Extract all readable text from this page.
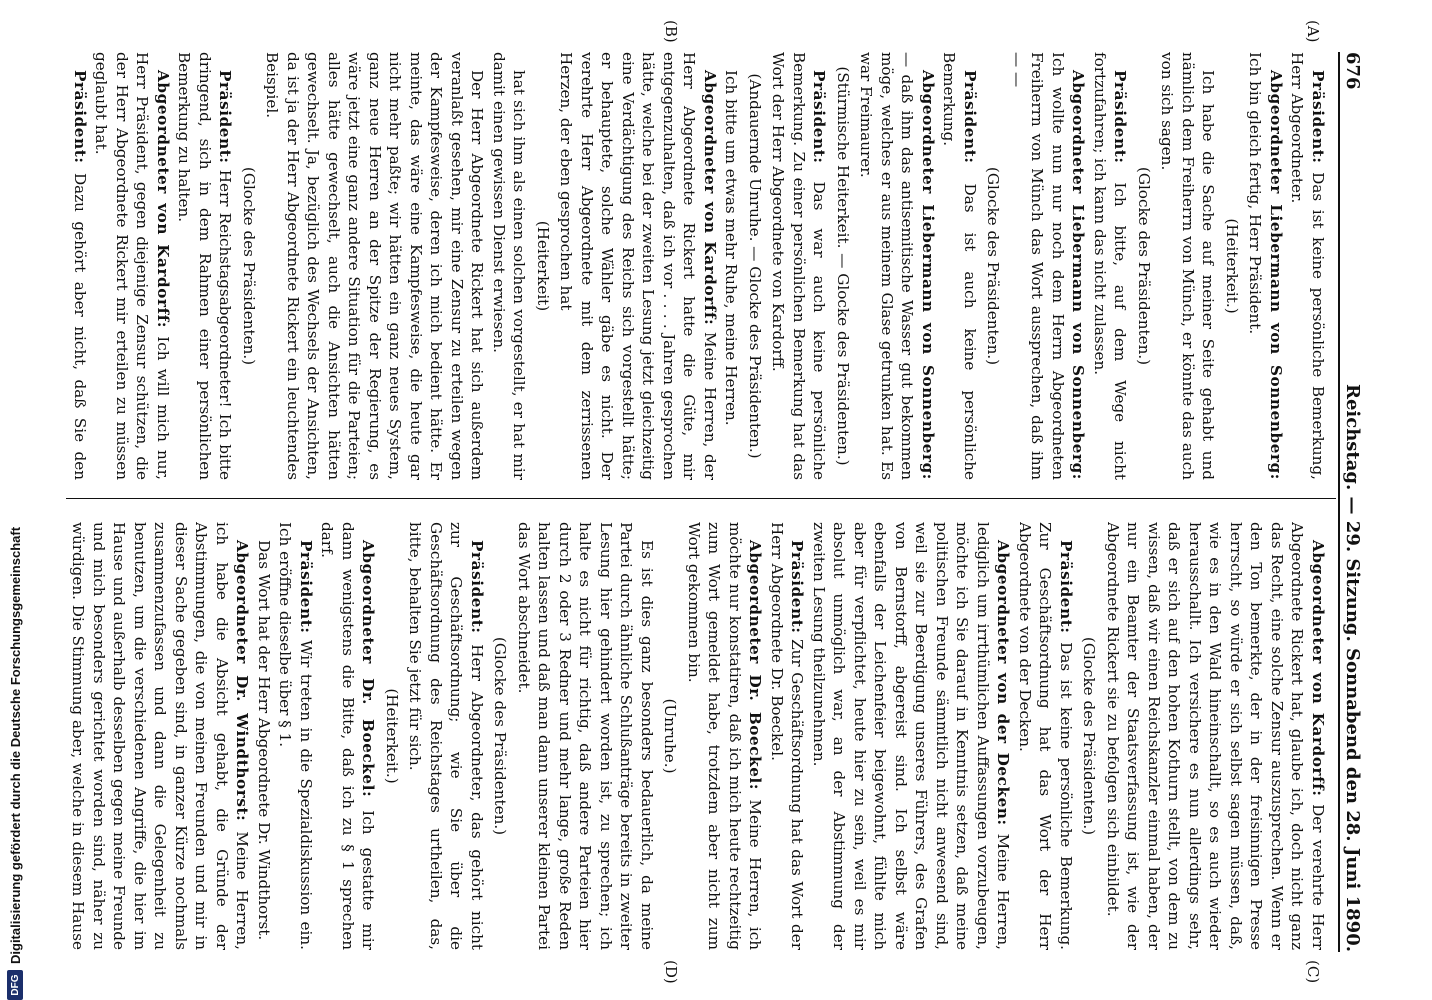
676
Reichstag. — 29. Sitzung. Sonnabend den 28. Juni 1890.
(A)
(B)
(C)
(D)

Präsident: Das ist keine persönliche Bemerkung, Herr Abgeordneter.

Abgeordneter Liebermann von Sonnenberg: Ich bin gleich fertig, Herr Präsident.

(Heiterkeit.)

Ich habe die Sache auf meiner Seite gehabt und nämlich dem Freiherrn von Münch, er könnte das auch von sich sagen.

(Glocke des Präsidenten.)

Präsident: Ich bitte, auf dem Wege nicht fortzufahren; ich kann das nicht zulassen.

Abgeordneter Liebermann von Sonnenberg: Ich wollte nun nur noch dem Herrn Abgeordneten Freiherrn von Münch das Wort aussprechen, daß ihm — —

(Glocke des Präsidenten.)

Präsident: Das ist auch keine persönliche Bemerkung.

Abgeordneter Liebermann von Sonnenberg: — daß ihm das antisemitische Wasser gut bekommen möge, welches er aus meinem Glase getrunken hat. Es war Freimaurer.

(Stürmische Heiterkeit. — Glocke des Präsidenten.)

Präsident: Das war auch keine persönliche Bemerkung. Zu einer persönlichen Bemerkung hat das Wort der Herr Abgeordnete von Kardorff.

(Andauernde Unruhe. — Glocke des Präsidenten.)

Ich bitte um etwas mehr Ruhe, meine Herren.

Abgeordneter von Kardorff: Meine Herren, der Herr Abgeordnete Rickert hatte die Güte, mir entgegenzuhalten, daß ich vor . . . . Jahren gesprochen hätte, welche bei der zweiten Lesung jetzt gleichzeitig eine Verdächtigung des Reichs sich vorgestellt hätte; er behauptete, solche Wähler gäbe es nicht. Der verehrte Herr Abgeordnete mit dem zerrissenen Herzen, der eben gesprochen hat

(Heiterkeit)

hat sich ihm als einen solchen vorgestellt, er hat mir damit einen gewissen Dienst erwiesen.

Der Herr Abgeordnete Rickert hat sich außerdem veranlaßt gesehen, mir eine Zensur zu erteilen wegen der Kampfesweise, deren ich mich bedient hätte. Er meinte, das wäre eine Kampfesweise, die heute gar nicht mehr paßte; wir hätten ein ganz neues System, ganz neue Herren an der Spitze der Regierung, es wäre jetzt eine ganz andere Situation für die Parteien; alles hätte gewechselt, auch die Ansichten hätten gewechselt. Ja, bezüglich des Wechsels der Ansichten, da ist ja der Herr Abgeordnete Rickert ein leuchtendes Beispiel.

(Glocke des Präsidenten.)

Präsident: Herr Reichstagsabgeordneter! Ich bitte dringend, sich in dem Rahmen einer persönlichen Bemerkung zu halten.

Abgeordneter von Kardorff: Ich will mich nur, Herr Präsident, gegen diejenige Zensur schützen, die der Herr Abgeordnete Rickert mir erteilen zu müssen geglaubt hat.

Präsident: Dazu gehört aber nicht, daß Sie den

Abgeordneter von Kardorff: Der verehrte Herr Abgeordnete Rickert hat, glaube ich, doch nicht ganz das Recht, eine solche Zensur auszusprechen. Wenn er den Ton bemerkte, der in der freisinnigen Presse herrscht, so würde er sich selbst sagen müssen, daß, wie es in den Wald hineinschallt, so es auch wieder herausschallt. Ich versichere es nun allerdings sehr, daß er sich auf den hohen Kothurn stellt, von dem zu wissen, daß wir einen Reichskanzler einmal haben, der nur ein Beamter der Staatsverfassung ist, wie der Abgeordnete Rickert sie zu befolgen sich einbildet.

(Glocke des Präsidenten.)

Präsident: Das ist keine persönliche Bemerkung. Zur Geschäftsordnung hat das Wort der Herr Abgeordnete von der Decken.

Abgeordneter von der Decken: Meine Herren, lediglich um irrthümlichen Auffassungen vorzubeugen, möchte ich Sie darauf in Kenntnis setzen, daß meine politischen Freunde sämmtlich nicht anwesend sind, weil sie zur Beerdigung unseres Führers, des Grafen von Bernstorff, abgereist sind. Ich selbst wäre ebenfalls der Leichenfeier beigewohnt, fühlte mich aber für verpflichtet, heute hier zu sein, weil es mir absolut unmöglich war, an der Abstimmung der zweiten Lesung theilzunehmen.

Präsident: Zur Geschäftsordnung hat das Wort der Herr Abgeordnete Dr. Boeckel.

Abgeordneter Dr. Boeckel: Meine Herren, ich möchte nur konstatiren, daß ich mich heute rechtzeitig zum Wort gemeldet habe, trotzdem aber nicht zum Wort gekommen bin.

(Unruhe.)

Es ist dies ganz besonders bedauerlich, da meine Partei durch ähnliche Schlußanträge bereits in zweiter Lesung hier gehindert worden ist, zu sprechen; ich halte es nicht für richtig, daß andere Parteien hier durch 2 oder 3 Redner und mehr lange, große Reden halten lassen und daß man dann unserer kleinen Partei das Wort abschneidet.

(Glocke des Präsidenten.)

Präsident: Herr Abgeordneter, das gehört nicht zur Geschäftsordnung; wie Sie über die Geschäftsordnung des Reichstages urtheilen, das, bitte, behalten Sie jetzt für sich.

(Heiterkeit.)

Abgeordneter Dr. Boeckel: Ich gestatte mir dann wenigstens die Bitte, daß ich zu § 1 sprechen darf.

Präsident: Wir treten in die Spezialdiskussion ein. Ich eröffne dieselbe über § 1.

Das Wort hat der Herr Abgeordnete Dr. Windthorst.

Abgeordneter Dr. Windthorst: Meine Herren, ich habe die Absicht gehabt, die Gründe der Abstimmungen, die von meinen Freunden und mir in dieser Sache gegeben sind, in ganzer Kürze nochmals zusammenzufassen und dann die Gelegenheit zu benutzen, um die verschiedenen Angriffe, die hier im Hause und außerhalb desselben gegen meine Freunde und mich besonders gerichtet worden sind, näher zu würdigen. Die Stimmung aber, welche in diesem Hause

DFG
Digitalisierung gefördert durch die Deutsche Forschungsgemeinschaft
